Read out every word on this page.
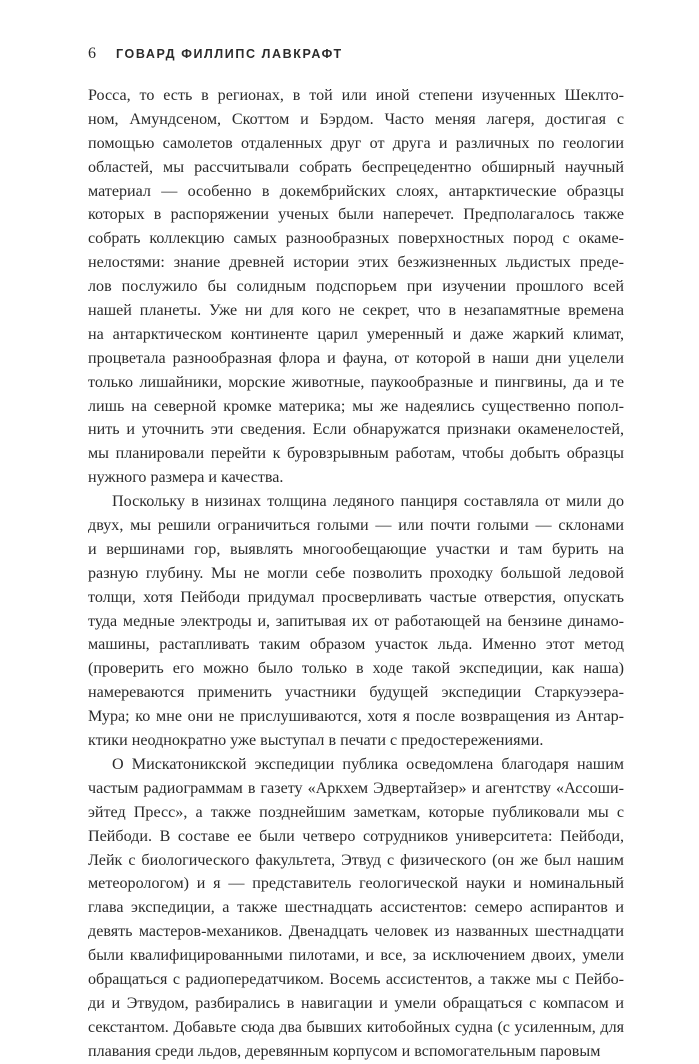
6	ГОВАРД ФИЛЛИПС ЛАВКРАФТ
Росса, то есть в регионах, в той или иной степени изученных Шеклто-
ном, Амундсеном, Скоттом и Бэрдом. Часто меняя лагеря, достигая с
помощью самолетов отдаленных друг от друга и различных по геологии
областей, мы рассчитывали собрать беспрецедентно обширный научный
материал — особенно в докембрийских слоях, антарктические образцы
которых в распоряжении ученых были наперечет. Предполагалось также
собрать коллекцию самых разнообразных поверхностных пород с окаме-
нелостями: знание древней истории этих безжизненных льдистых преде-
лов послужило бы солидным подспорьем при изучении прошлого всей
нашей планеты. Уже ни для кого не секрет, что в незапамятные времена
на антарктическом континенте царил умеренный и даже жаркий климат,
процветала разнообразная флора и фауна, от которой в наши дни уцелели
только лишайники, морские животные, паукообразные и пингвины, да и те
лишь на северной кромке материка; мы же надеялись существенно попол-
нить и уточнить эти сведения. Если обнаружатся признаки окаменелостей,
мы планировали перейти к буровзрывным работам, чтобы добыть образцы
нужного размера и качества.
Поскольку в низинах толщина ледяного панциря составляла от мили до
двух, мы решили ограничиться голыми — или почти голыми — склонами
и вершинами гор, выявлять многообещающие участки и там бурить на
разную глубину. Мы не могли себе позволить проходку большой ледовой
толщи, хотя Пейбоди придумал просверливать частые отверстия, опускать
туда медные электроды и, запитывая их от работающей на бензине динамо-
машины, растапливать таким образом участок льда. Именно этот метод
(проверить его можно было только в ходе такой экспедиции, как наша)
намереваются применить участники будущей экспедиции Старкуэзера-
Мура; ко мне они не прислушиваются, хотя я после возвращения из Антар-
ктики неоднократно уже выступал в печати с предостережениями.
О Мискатоникской экспедиции публика осведомлена благодаря нашим
частым радиограммам в газету «Аркхем Эдвертайзер» и агентству «Ассоши-
эйтед Пресс», а также позднейшим заметкам, которые публиковали мы с
Пейбоди. В составе ее были четверо сотрудников университета: Пейбоди,
Лейк с биологического факультета, Этвуд с физического (он же был нашим
метеорологом) и я — представитель геологической науки и номинальный
глава экспедиции, а также шестнадцать ассистентов: семеро аспирантов и
девять мастеров-механиков. Двенадцать человек из названных шестнадцати
были квалифицированными пилотами, и все, за исключением двоих, умели
обращаться с радиопередатчиком. Восемь ассистентов, а также мы с Пейбо-
ди и Этвудом, разбирались в навигации и умели обращаться с компасом и
секстантом. Добавьте сюда два бывших китобойных судна (с усиленным, для
плавания среди льдов, деревянным корпусом и вспомогательным паровым
